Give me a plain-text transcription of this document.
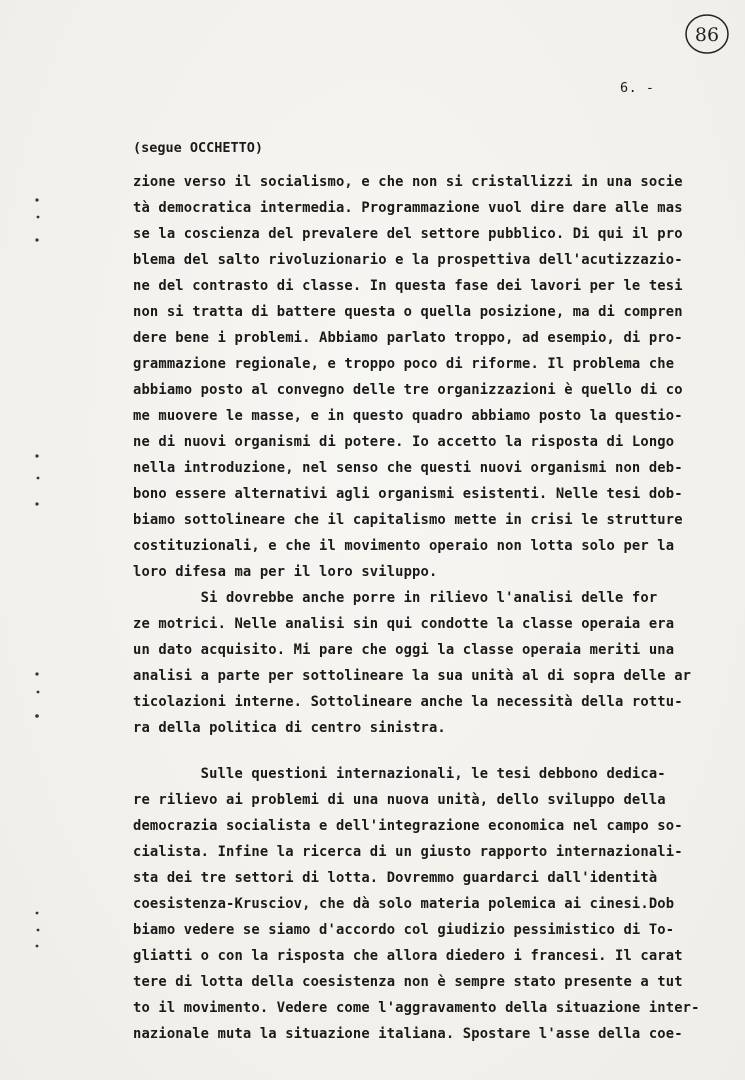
86
6. -
(segue OCCHETTO)
zione verso il socialismo, e che non si cristallizzi in una socie
tà democratica intermedia. Programmazione vuol dire dare alle mas
se la coscienza del prevalere del settore pubblico. Di qui il pro
blema del salto rivoluzionario e la prospettiva dell'acutizzazio-
ne del contrasto di classe. In questa fase dei lavori per le tesi
non si tratta di battere questa o quella posizione, ma di compren
dere bene i problemi. Abbiamo parlato troppo, ad esempio, di pro-
grammazione regionale, e troppo poco di riforme. Il problema che
abbiamo posto al convegno delle tre organizzazioni è quello di co
me muovere le masse, e in questo quadro abbiamo posto la questio-
ne di nuovi organismi di potere. Io accetto la risposta di Longo
nella introduzione, nel senso che questi nuovi organismi non deb-
bono essere alternativi agli organismi esistenti. Nelle tesi dob-
biamo sottolineare che il capitalismo mette in crisi le strutture
costituzionali, e che il movimento operaio non lotta solo per la
loro difesa ma per il loro sviluppo.
Si dovrebbe anche porre in rilievo l'analisi delle for
ze motrici. Nelle analisi sin qui condotte la classe operaia era
un dato acquisito. Mi pare che oggi la classe operaia meriti una
analisi a parte per sottolineare la sua unità al di sopra delle ar
ticolazioni interne. Sottolineare anche la necessità della rottu-
ra della politica di centro sinistra.
Sulle questioni internazionali, le tesi debbono dedica-
re rilievo ai problemi di una nuova unità, dello sviluppo della
democrazia socialista e dell'integrazione economica nel campo so-
cialista. Infine la ricerca di un giusto rapporto internazionali-
sta dei tre settori di lotta. Dovremmo guardarci dall'identità
coesistenza-Krusciov, che dà solo materia polemica ai cinesi.Dob
biamo vedere se siamo d'accordo col giudizio pessimistico di To-
gliatti o con la risposta che allora diedero i francesi. Il carat
tere di lotta della coesistenza non è sempre stato presente a tut
to il movimento. Vedere come l'aggravamento della situazione inter-
nazionale muta la situazione italiana. Spostare l'asse della coe-
